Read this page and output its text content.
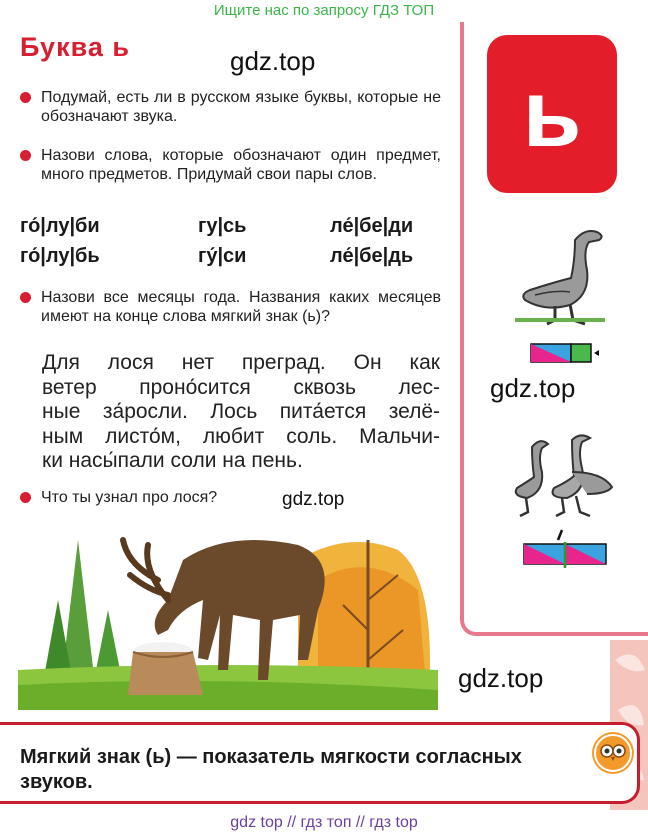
Ищите нас по запросу ГДЗ ТОП
Буква ь	gdz.top

Подумай, есть ли в русском языке буквы, которые не обозначают звука.

Назови слова, которые обозначают один предмет, много предметов. Придумай свои пары слов.

го́|лу|би	гу|сь	ле́|бе|ди
го́|лу|бь	гу́|си	ле́|бе|дь

Назови все месяцы года. Названия каких месяцев имеют на конце слова мягкий знак (ь)?

Для лося нет преград. Он как
ветер проно́сится сквозь лес-
ные за́росли. Лось пита́ется зелё-
ным листо́м, любит соль. Мальчи-
ки насы́пали соли на пень.

Что ты узнал про лося?	gdz.top
ь
gdz.top
gdz.top
Мягкий знак (ь) — показатель мягкости согласных звуков.
gdz top // гдз топ // гдз top
